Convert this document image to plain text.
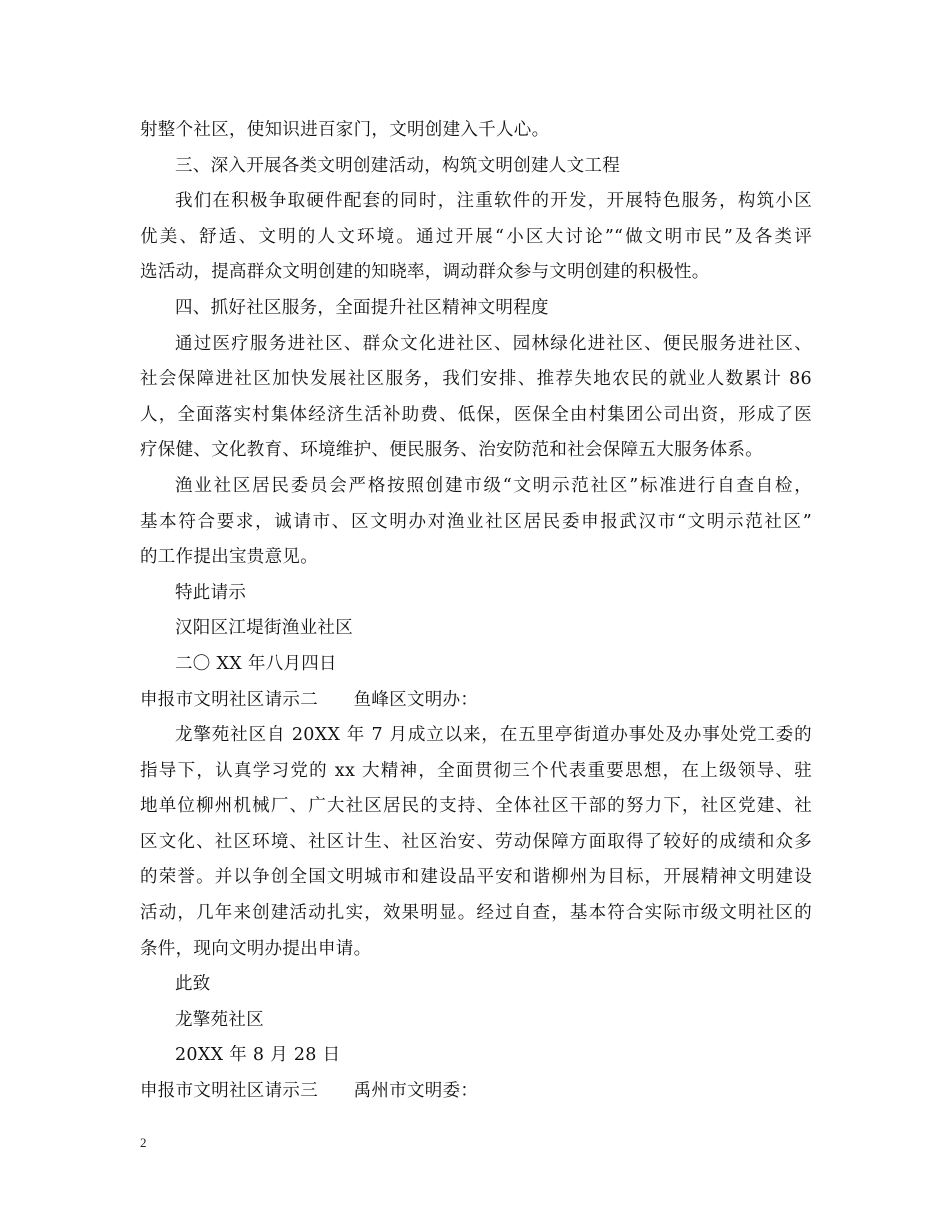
射整个社区，使知识进百家门，文明创建入千人心。
三、深入开展各类文明创建活动，构筑文明创建人文工程
我们在积极争取硬件配套的同时，注重软件的开发，开展特色服务，构筑小区
优美、舒适、文明的人文环境。通过开展“小区大讨论”“做文明市民”及各类评
选活动，提高群众文明创建的知晓率，调动群众参与文明创建的积极性。
四、抓好社区服务，全面提升社区精神文明程度
通过医疗服务进社区、群众文化进社区、园林绿化进社区、便民服务进社区、
社会保障进社区加快发展社区服务，我们安排、推荐失地农民的就业人数累计 86
人，全面落实村集体经济生活补助费、低保，医保全由村集团公司出资，形成了医
疗保健、文化教育、环境维护、便民服务、治安防范和社会保障五大服务体系。
渔业社区居民委员会严格按照创建市级“文明示范社区”标准进行自查自检，
基本符合要求，诚请市、区文明办对渔业社区居民委申报武汉市“文明示范社区”
的工作提出宝贵意见。
特此请示
汉阳区江堤街渔业社区
二〇 XX 年八月四日
申报市文明社区请示二　　鱼峰区文明办：
龙擎苑社区自 20XX 年 7 月成立以来，在五里亭街道办事处及办事处党工委的
指导下，认真学习党的 xx 大精神，全面贯彻三个代表重要思想，在上级领导、驻
地单位柳州机械厂、广大社区居民的支持、全体社区干部的努力下，社区党建、社
区文化、社区环境、社区计生、社区治安、劳动保障方面取得了较好的成绩和众多
的荣誉。并以争创全国文明城市和建设品平安和谐柳州为目标，开展精神文明建设
活动，几年来创建活动扎实，效果明显。经过自查，基本符合实际市级文明社区的
条件，现向文明办提出申请。
此致
龙擎苑社区
20XX 年 8 月 28 日
申报市文明社区请示三　　禹州市文明委：
2
